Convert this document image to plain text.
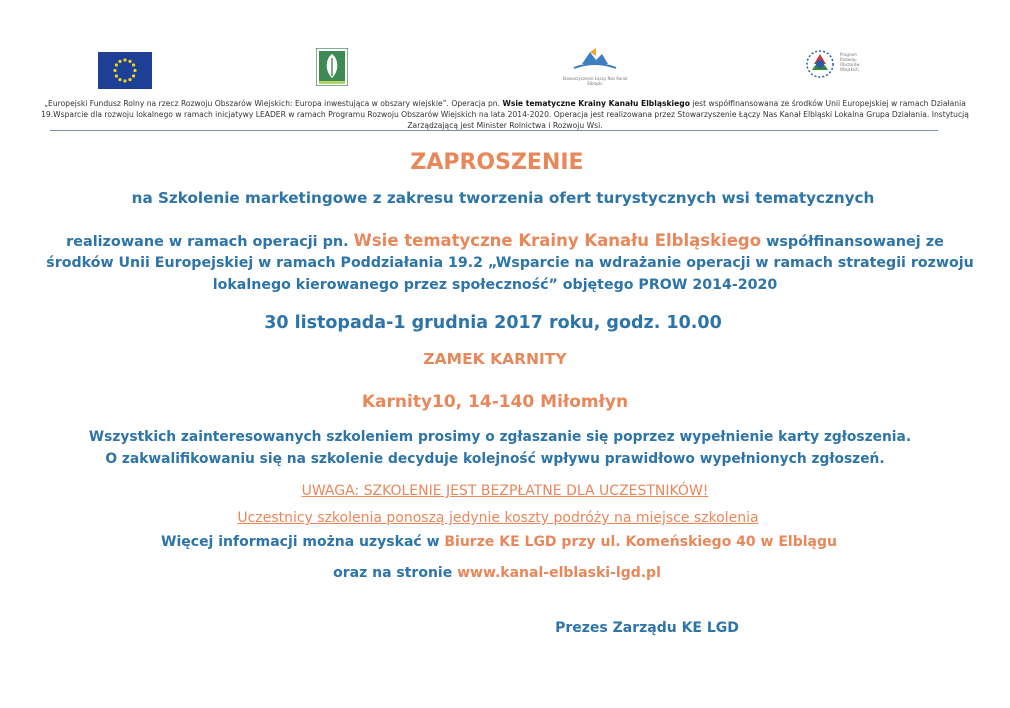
Stowarzyszenie Łączy Nas Kanał Elbląski
Program Rozwoju Obszarów Wiejskich
„Europejski Fundusz Rolny na rzecz Rozwoju Obszarów Wiejskich: Europa inwestująca w obszary wiejskie”. Operacja pn. Wsie tematyczne Krainy Kanału Elbląskiego jest współfinansowana ze środków Unii Europejskiej w ramach Działania
19.Wsparcie dla rozwoju lokalnego w ramach inicjatywy LEADER w ramach Programu Rozwoju Obszarów Wiejskich na lata 2014-2020. Operacja jest realizowana przez Stowarzyszenie Łączy Nas Kanał Elbląski Lokalna Grupa Działania. Instytucją
Zarządzającą jest Minister Rolnictwa i Rozwoju Wsi.
ZAPROSZENIE
na Szkolenie marketingowe z zakresu tworzenia ofert turystycznych wsi tematycznych
realizowane w ramach operacji pn. Wsie tematyczne Krainy Kanału Elbląskiego współfinansowanej ze
środków Unii Europejskiej w ramach Poddziałania 19.2 „Wsparcie na wdrażanie operacji w ramach strategii rozwoju
lokalnego kierowanego przez społeczność” objętego PROW 2014-2020
30 listopada-1 grudnia 2017 roku, godz. 10.00
ZAMEK KARNITY
Karnity10, 14-140 Miłomłyn
Wszystkich zainteresowanych szkoleniem prosimy o zgłaszanie się poprzez wypełnienie karty zgłoszenia.
O zakwalifikowaniu się na szkolenie decyduje kolejność wpływu prawidłowo wypełnionych zgłoszeń.
UWAGA: SZKOLENIE JEST BEZPŁATNE DLA UCZESTNIKÓW!
Uczestnicy szkolenia ponoszą jedynie koszty podróży na miejsce szkolenia
Więcej informacji można uzyskać w Biurze KE LGD przy ul. Komeńskiego 40 w Elblągu
oraz na stronie www.kanal-elblaski-lgd.pl
Prezes Zarządu KE LGD
